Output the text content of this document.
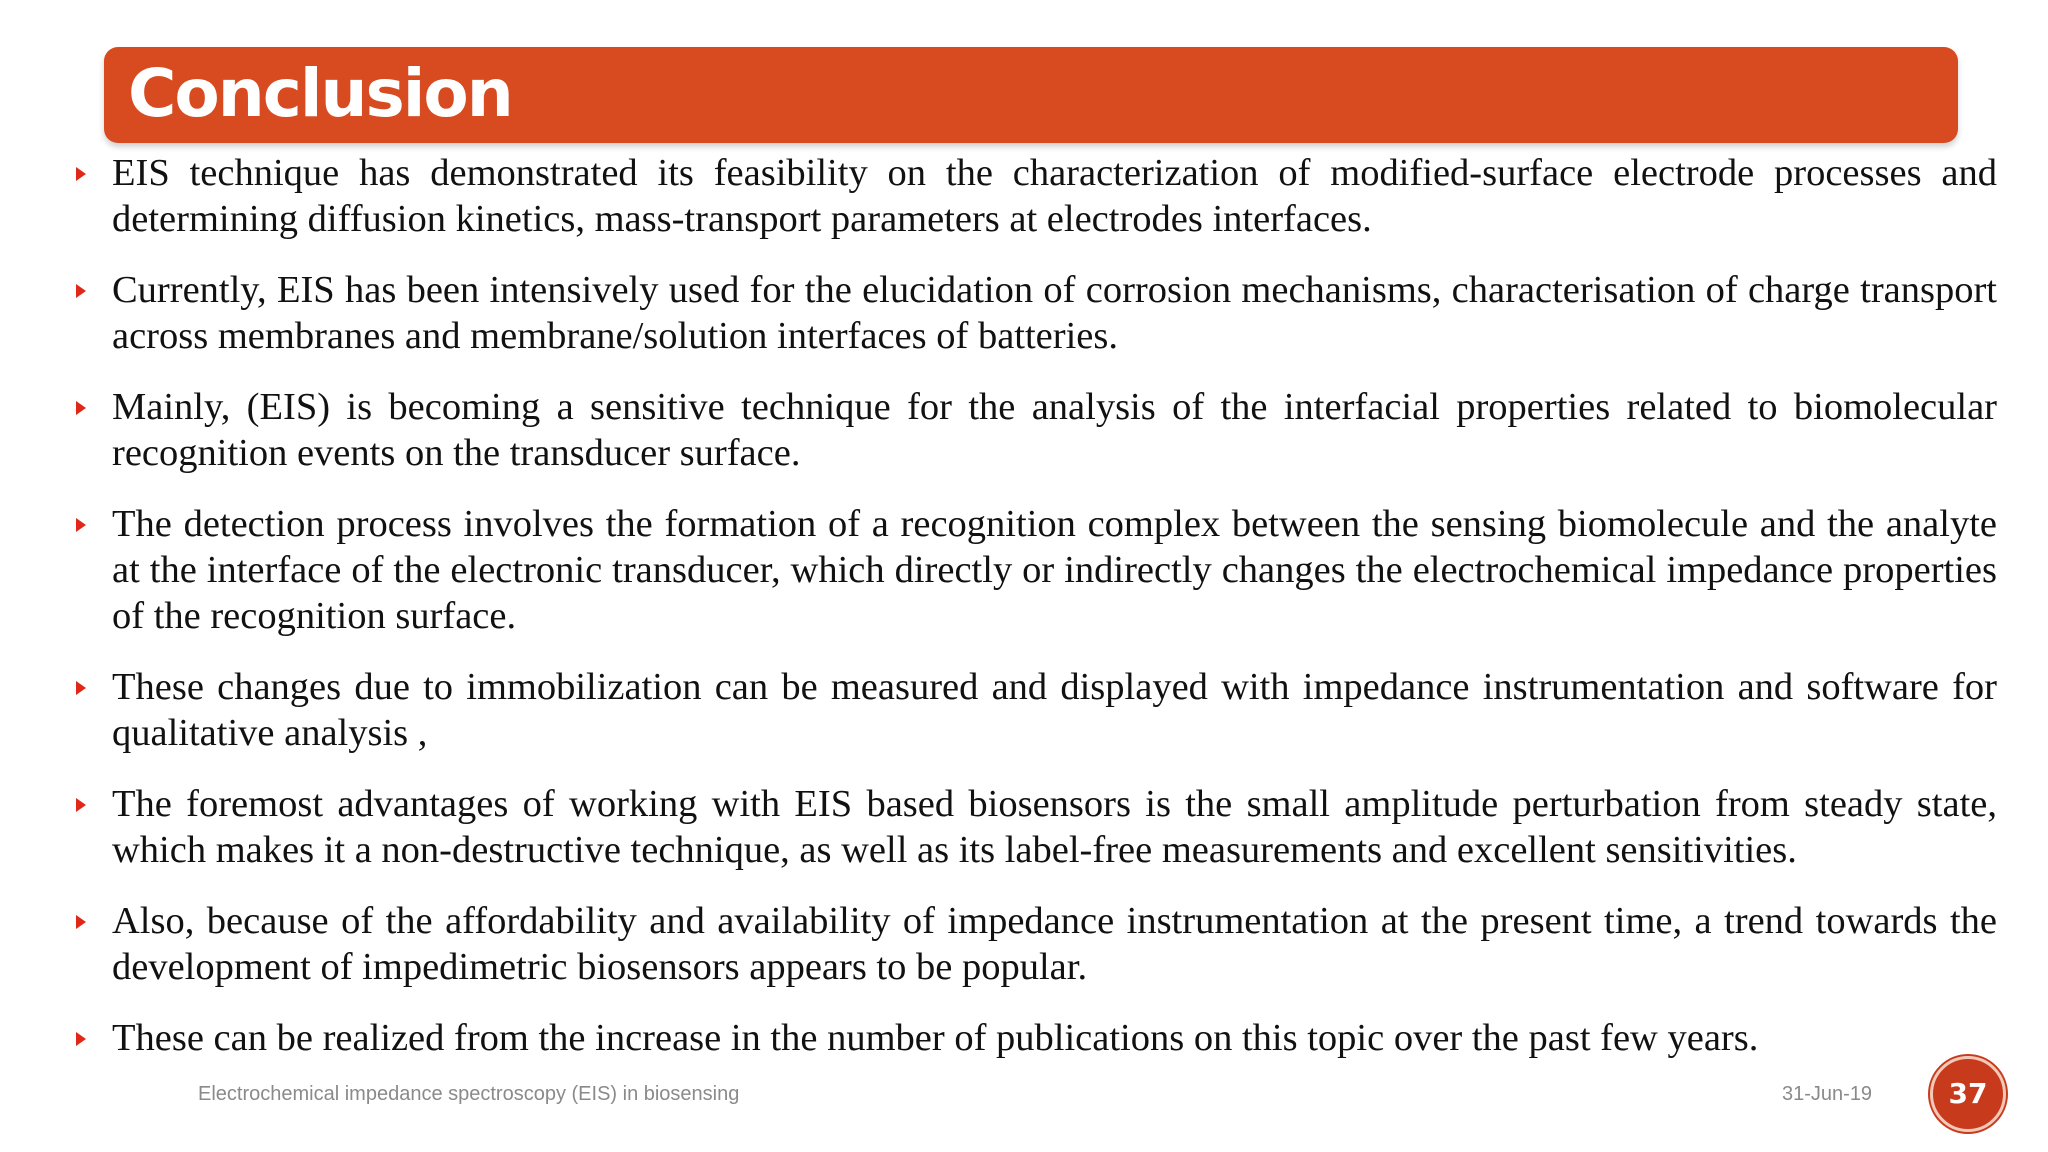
Conclusion
EIS technique has demonstrated its feasibility on the characterization of modified-surface electrode processes and determining diffusion kinetics, mass-transport parameters at electrodes interfaces.
Currently, EIS has been intensively used for the elucidation of corrosion mechanisms, characterisation of charge transport across membranes and membrane/solution interfaces of batteries.
Mainly, (EIS) is becoming a sensitive technique for the analysis of the interfacial properties related to biomolecular recognition events on the transducer surface.
The detection process involves the formation of a recognition complex between the sensing biomolecule and the analyte at the interface of the electronic transducer, which directly or indirectly changes the electrochemical impedance properties of the recognition surface.
These changes due to immobilization can be measured and displayed with impedance instrumentation and software for qualitative analysis ,
The foremost advantages of working with EIS based biosensors is the small amplitude perturbation from steady state, which makes it a non-destructive technique, as well as its label-free measurements and excellent sensitivities.
Also, because of the affordability and availability of impedance instrumentation at the present time, a trend towards the development of impedimetric biosensors appears to be popular.
These can be realized from the increase in the number of publications on this topic over the past few years.
Electrochemical impedance spectroscopy (EIS) in biosensing	31-Jun-19	37
